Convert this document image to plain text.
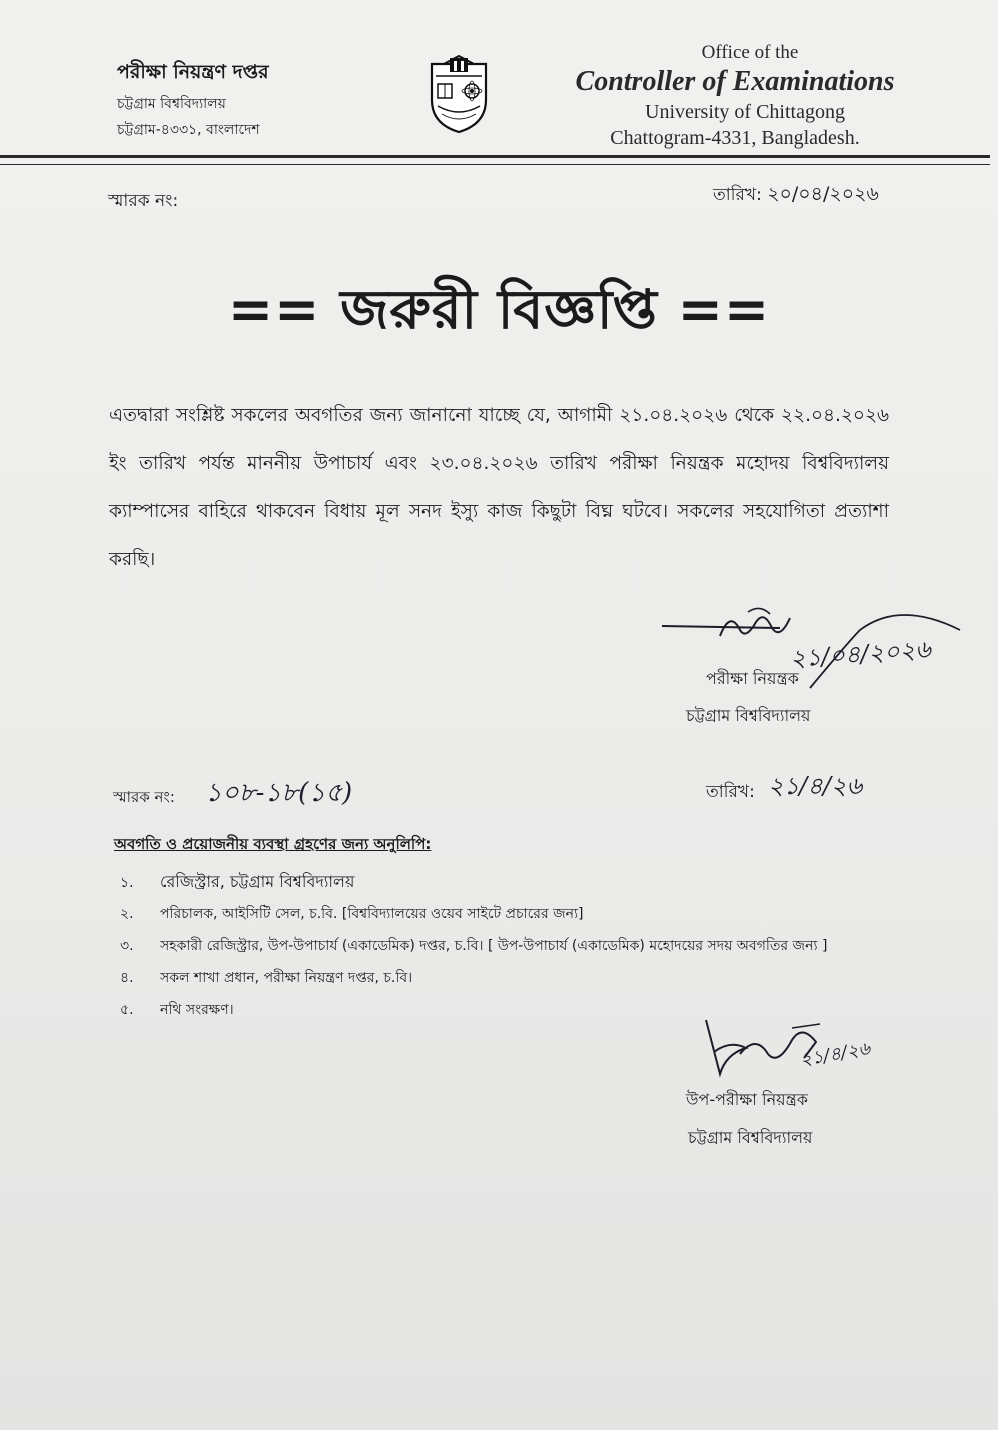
পরীক্ষা নিয়ন্ত্রণ দপ্তর
চট্টগ্রাম বিশ্ববিদ্যালয়
চট্টগ্রাম-৪৩৩১, বাংলাদেশ
Office of the
Controller of Examinations
University of Chittagong
Chattogram-4331, Bangladesh.
স্মারক নং:	তারিখ: ২০/০৪/২০২৬
== জরুরী বিজ্ঞপ্তি ==
এতদ্বারা সংশ্লিষ্ট সকলের অবগতির জন্য জানানো যাচ্ছে যে, আগামী ২১.০৪.২০২৬ থেকে ২২.০৪.২০২৬ ইং তারিখ পর্যন্ত মাননীয় উপাচার্য এবং ২৩.০৪.২০২৬ তারিখ পরীক্ষা নিয়ন্ত্রক মহোদয় বিশ্ববিদ্যালয় ক্যাম্পাসের বাহিরে থাকবেন বিধায় মূল সনদ ইস্যু কাজ কিছুটা বিঘ্ন ঘটবে। সকলের সহযোগিতা প্রত্যাশা করছি।
২১/০৪/২০২৬
পরীক্ষা নিয়ন্ত্রক
চট্টগ্রাম বিশ্ববিদ্যালয়
স্মারক নং: ১০৮-১৮(১৫)	তারিখ: ২১/৪/২৬
অবগতি ও প্রয়োজনীয় ব্যবস্থা গ্রহণের জন্য অনুলিপি:
১. রেজিস্ট্রার, চট্টগ্রাম বিশ্ববিদ্যালয়
২. পরিচালক, আইসিটি সেল, চ.বি. [বিশ্ববিদ্যালয়ের ওয়েব সাইটে প্রচারের জন্য]
৩. সহকারী রেজিস্ট্রার, উপ-উপাচার্য (একাডেমিক) দপ্তর, চ.বি। [ উপ-উপাচার্য (একাডেমিক) মহোদয়ের সদয় অবগতির জন্য ]
৪. সকল শাখা প্রধান, পরীক্ষা নিয়ন্ত্রণ দপ্তর, চ.বি।
৫. নথি সংরক্ষণ।
২১/৪/২৬
উপ-পরীক্ষা নিয়ন্ত্রক
চট্টগ্রাম বিশ্ববিদ্যালয়
